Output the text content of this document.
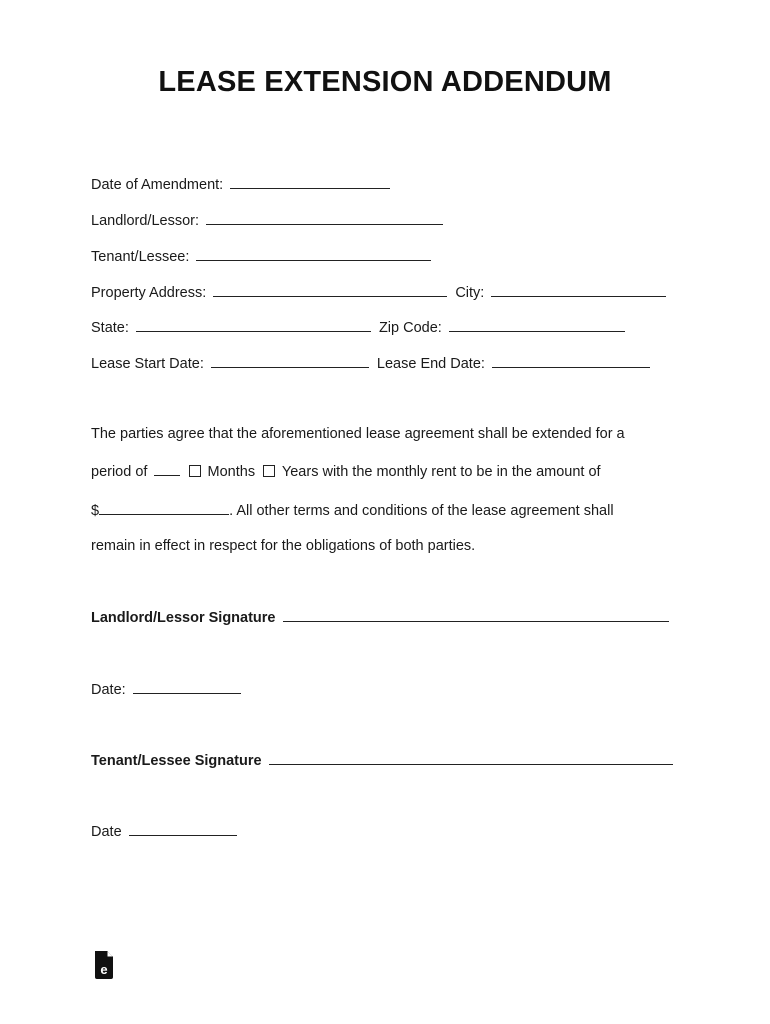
LEASE EXTENSION ADDENDUM
Date of Amendment:
Landlord/Lessor:
Tenant/Lessee:
Property Address:	City:
State:	Zip Code:
Lease Start Date:	Lease End Date:
The parties agree that the aforementioned lease agreement shall be extended for a
period of	Months Years with the monthly rent to be in the amount of
$	. All other terms and conditions of the lease agreement shall
remain in effect in respect for the obligations of both parties.
Landlord/Lessor Signature
Date:
Tenant/Lessee Signature
Date
e
